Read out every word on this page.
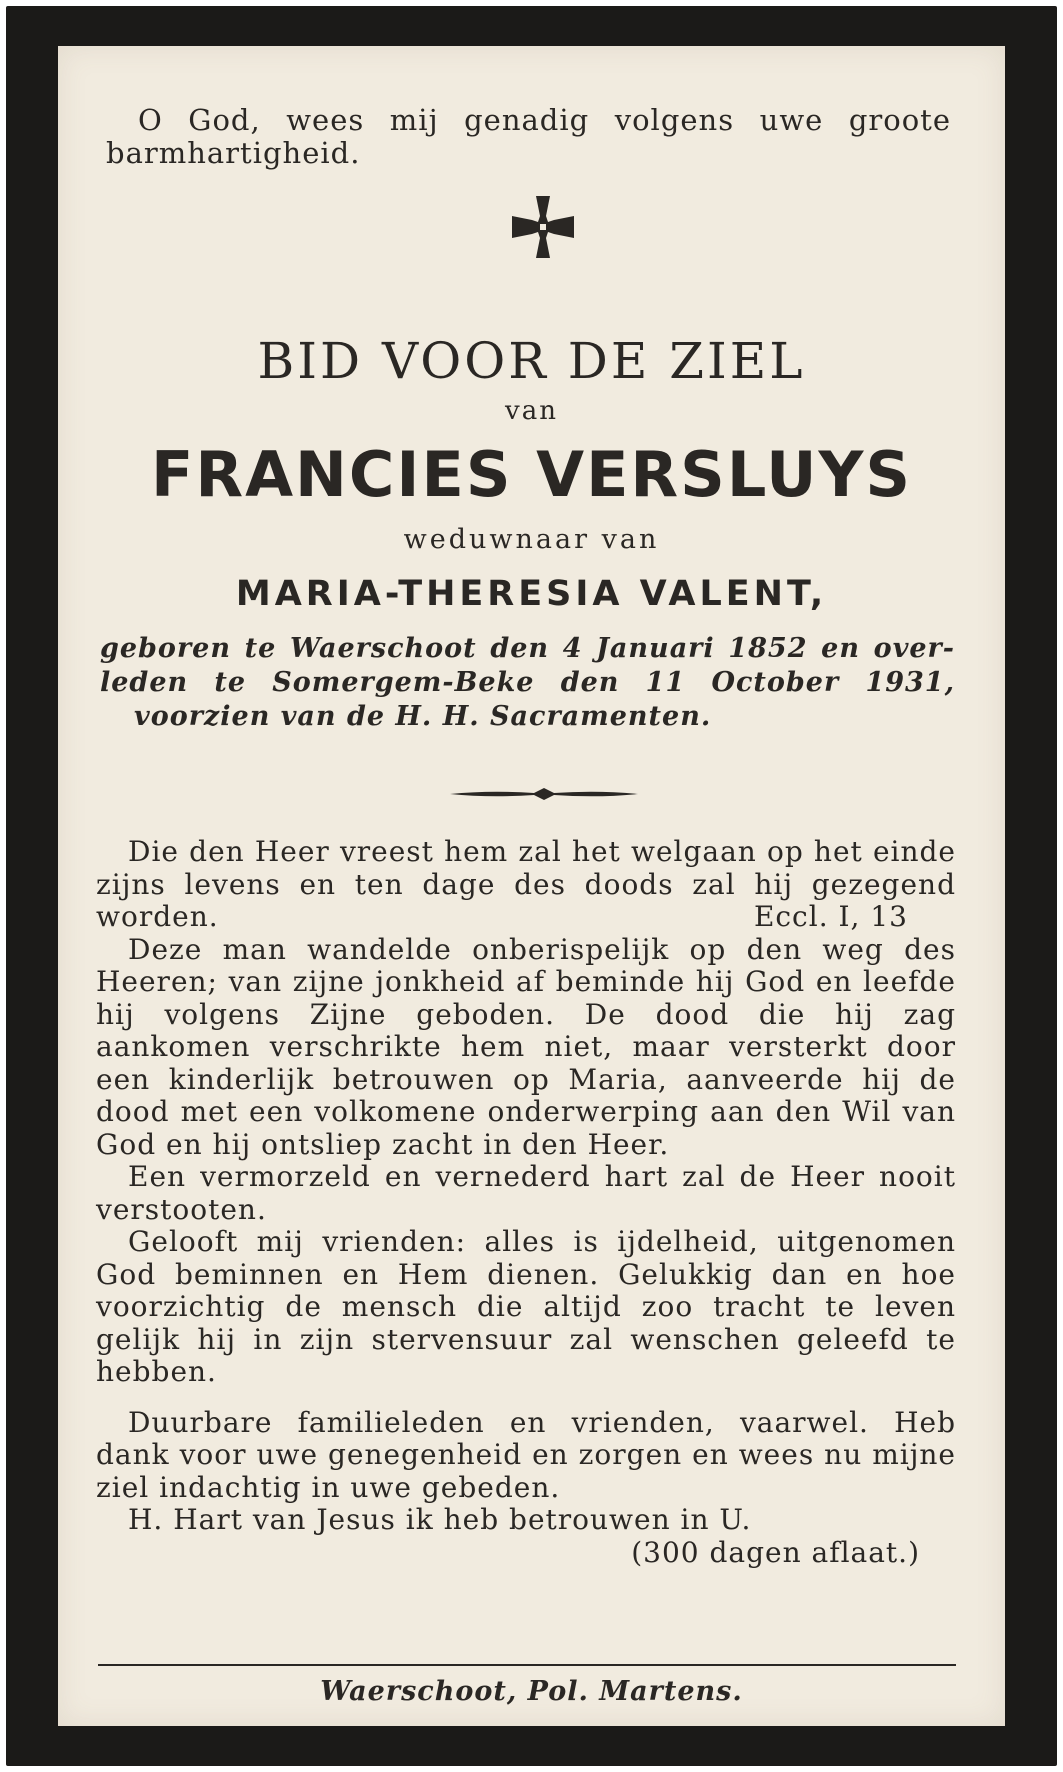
O God, wees mij genadig volgens uwe groote barmhartigheid.
BID VOOR DE ZIEL
van
FRANCIES VERSLUYS
weduwnaar van
MARIA-THERESIA VALENT,
geboren te Waerschoot den 4 Januari 1852 en over-
leden te Somergem-Beke den 11 October 1931,
voorzien van de H. H. Sacramenten.
Die den Heer vreest hem zal het welgaan op het einde zijns levens en ten dage des doods zal hij gezegend worden.	Eccl. I, 13
Deze man wandelde onberispelijk op den weg des Heeren; van zijne jonkheid af beminde hij God en leefde hij volgens Zijne geboden. De dood die hij zag aankomen verschrikte hem niet, maar versterkt door een kinderlijk betrouwen op Maria, aanveerde hij de dood met een volkomene onderwerping aan den Wil van God en hij ontsliep zacht in den Heer.
Een vermorzeld en vernederd hart zal de Heer nooit verstooten.
Gelooft mij vrienden: alles is ijdelheid, uitgenomen God beminnen en Hem dienen. Gelukkig dan en hoe voorzichtig de mensch die altijd zoo tracht te leven gelijk hij in zijn stervensuur zal wenschen geleefd te hebben.
Duurbare familieleden en vrienden, vaarwel. Heb dank voor uwe genegenheid en zorgen en wees nu mijne ziel indachtig in uwe gebeden.
H. Hart van Jesus ik heb betrouwen in U.
(300 dagen aflaat.)
Waerschoot, Pol. Martens.
